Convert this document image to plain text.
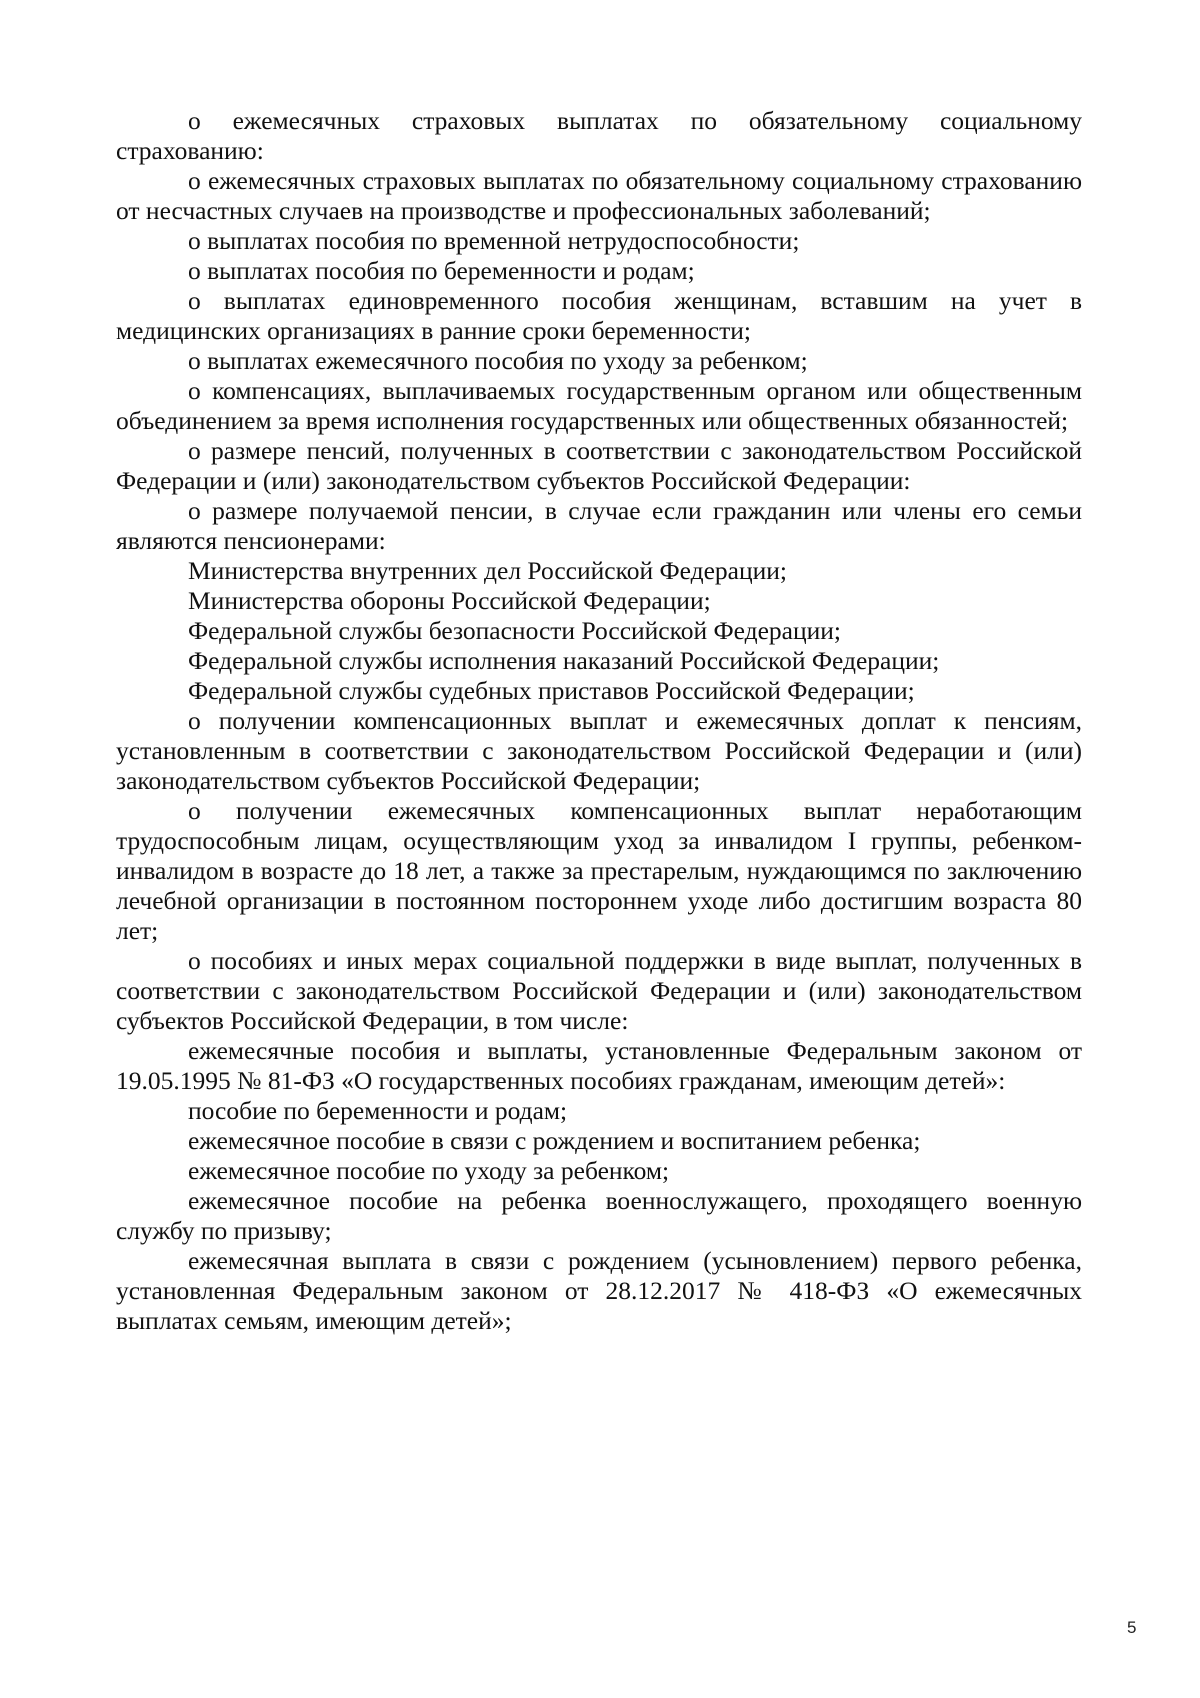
о ежемесячных страховых выплатах по обязательному социальному страхованию:

о ежемесячных страховых выплатах по обязательному социальному страхованию от несчастных случаев на производстве и профессиональных заболеваний;

о выплатах пособия по временной нетрудоспособности;

о выплатах пособия по беременности и родам;

о выплатах единовременного пособия женщинам, вставшим на учет в медицинских организациях в ранние сроки беременности;

о выплатах ежемесячного пособия по уходу за ребенком;

о компенсациях, выплачиваемых государственным органом или общественным объединением за время исполнения государственных или общественных обязанностей;

о размере пенсий, полученных в соответствии с законодательством Российской Федерации и (или) законодательством субъектов Российской Федерации:

о размере получаемой пенсии, в случае если гражданин или члены его семьи являются пенсионерами:

Министерства внутренних дел Российской Федерации;

Министерства обороны Российской Федерации;

Федеральной службы безопасности Российской Федерации;

Федеральной службы исполнения наказаний Российской Федерации;

Федеральной службы судебных приставов Российской Федерации;

о получении компенсационных выплат и ежемесячных доплат к пенсиям, установленным в соответствии с законодательством Российской Федерации и (или) законодательством субъектов Российской Федерации;

о получении ежемесячных компенсационных выплат неработающим трудоспособным лицам, осуществляющим уход за инвалидом I группы, ребенком-инвалидом в возрасте до 18 лет, а также за престарелым, нуждающимся по заключению лечебной организации в постоянном постороннем уходе либо достигшим возраста 80 лет;

о пособиях и иных мерах социальной поддержки в виде выплат, полученных в соответствии с законодательством Российской Федерации и (или) законодательством субъектов Российской Федерации, в том числе:

ежемесячные пособия и выплаты, установленные Федеральным законом от 19.05.1995 № 81-ФЗ «О государственных пособиях гражданам, имеющим детей»:

пособие по беременности и родам;

ежемесячное пособие в связи с рождением и воспитанием ребенка;

ежемесячное пособие по уходу за ребенком;

ежемесячное пособие на ребенка военнослужащего, проходящего военную службу по призыву;

ежемесячная выплата в связи с рождением (усыновлением) первого ребенка, установленная Федеральным законом от 28.12.2017 № 418-ФЗ «О ежемесячных выплатах семьям, имеющим детей»;

5
